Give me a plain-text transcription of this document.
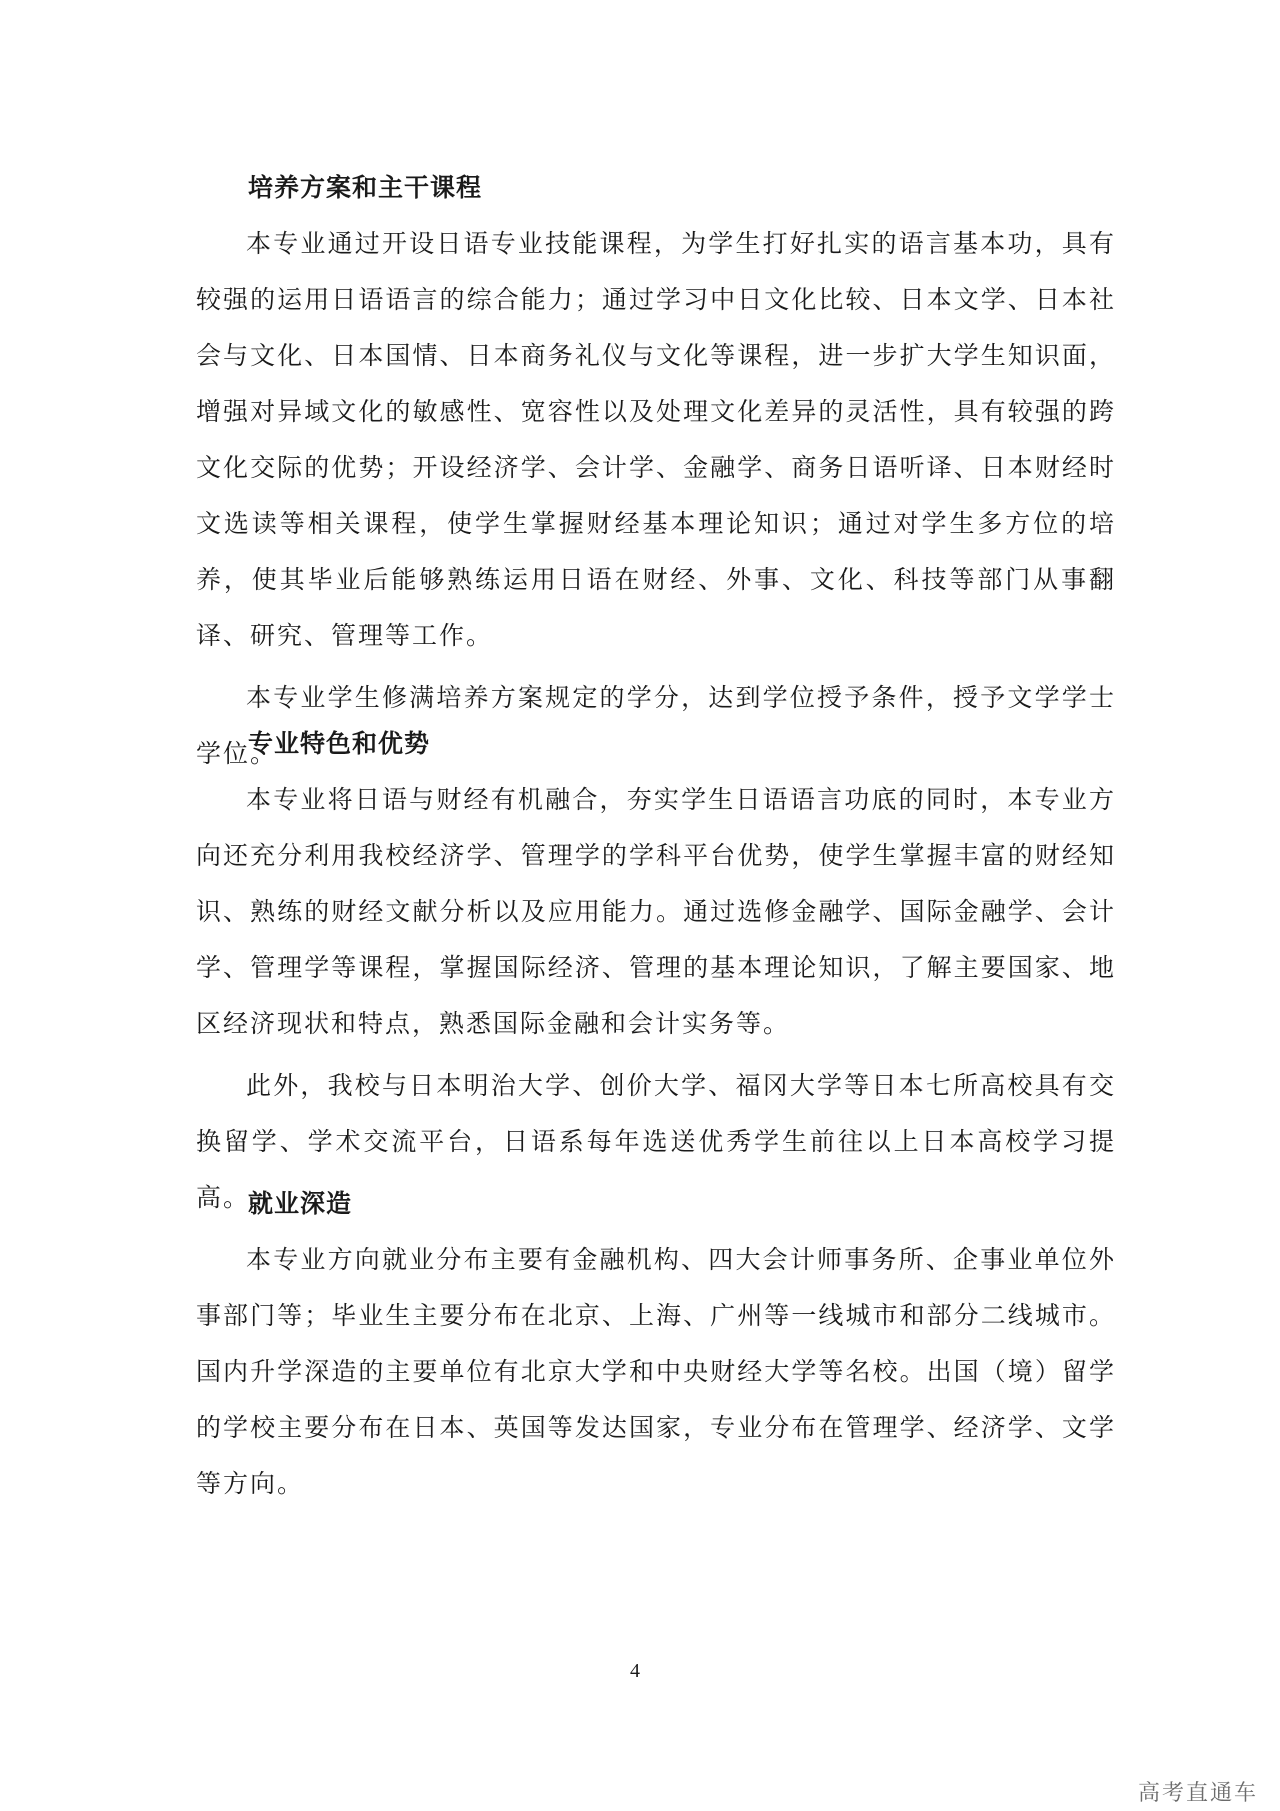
培养方案和主干课程

本专业通过开设日语专业技能课程，为学生打好扎实的语言基本功，具有较强的运用日语语言的综合能力；通过学习中日文化比较、日本文学、日本社会与文化、日本国情、日本商务礼仪与文化等课程，进一步扩大学生知识面，增强对异域文化的敏感性、宽容性以及处理文化差异的灵活性，具有较强的跨文化交际的优势；开设经济学、会计学、金融学、商务日语听译、日本财经时文选读等相关课程，使学生掌握财经基本理论知识；通过对学生多方位的培养，使其毕业后能够熟练运用日语在财经、外事、文化、科技等部门从事翻译、研究、管理等工作。

本专业学生修满培养方案规定的学分，达到学位授予条件，授予文学学士学位。

专业特色和优势

本专业将日语与财经有机融合，夯实学生日语语言功底的同时，本专业方向还充分利用我校经济学、管理学的学科平台优势，使学生掌握丰富的财经知识、熟练的财经文献分析以及应用能力。通过选修金融学、国际金融学、会计学、管理学等课程，掌握国际经济、管理的基本理论知识，了解主要国家、地区经济现状和特点，熟悉国际金融和会计实务等。

此外，我校与日本明治大学、创价大学、福冈大学等日本七所高校具有交换留学、学术交流平台，日语系每年选送优秀学生前往以上日本高校学习提高。

就业深造

本专业方向就业分布主要有金融机构、四大会计师事务所、企事业单位外事部门等；毕业生主要分布在北京、上海、广州等一线城市和部分二线城市。国内升学深造的主要单位有北京大学和中央财经大学等名校。出国（境）留学的学校主要分布在日本、英国等发达国家，专业分布在管理学、经济学、文学等方向。

4
高考直通车
